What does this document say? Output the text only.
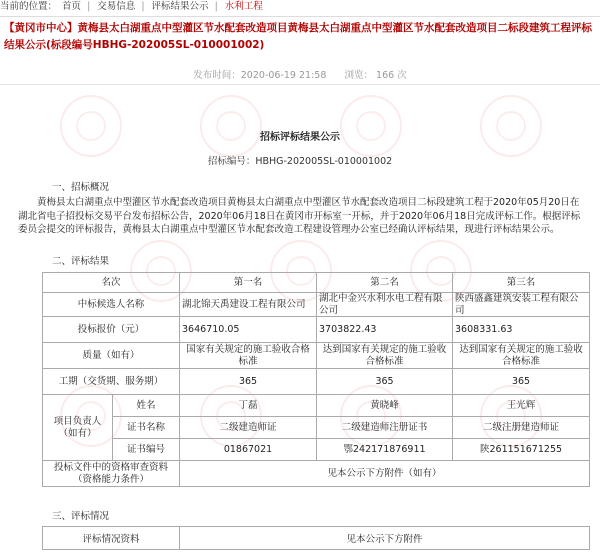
当前的位置： 首页 | 交易信息 | 评标结果公示 | 水利工程
【黄冈市中心】黄梅县太白湖重点中型灌区节水配套改造项目黄梅县太白湖重点中型灌区节水配套改造项目二标段建筑工程评标结果公示(标段编号HBHG-202005SL-010001002)
发布时间：2020-06-19 21:58 浏览： 166 次
招标评标结果公示
招标编号：HBHG-202005SL-010001002
一、招标概况
黄梅县太白湖重点中型灌区节水配套改造项目黄梅县太白湖重点中型灌区节水配套改造项目二标段建筑工程于2020年05月20日在湖北省电子招投标交易平台发布招标公告，2020年06月18日在黄冈市开标室一开标，并于2020年06月18日完成评标工作。根据评标委员会提交的评标报告，黄梅县太白湖重点中型灌区节水配套改造工程建设管理办公室已经确认评标结果，现进行评标结果公示。
二、评标结果
名次		第一名	第二名	第三名
中标候选人名称		湖北锦天禹建设工程有限公司	湖北中金兴水利水电工程有限公司	陕西盛鑫建筑安装工程有限公司
投标报价（元）		3646710.05	3703822.43	3608331.63
质量（如有）		国家有关规定的施工验收合格标准	达到国家有关规定的施工验收合格标准	达到国家有关规定的施工验收合格标准
工期（交货期、服务期）		365	365	365
项目负责人（如有）	姓名	丁磊	黄晓峰	王光辉
	证书名称	二级建造师证	二级建造师注册证书	二级注册建造师证
	证书编号	01867021	鄂242171876911	陕261151671255
投标文件中的资格审查资料（资格能力条件）		见本公示下方附件（如有）		
三、评标情况
评标情况资料	见本公示下方附件
